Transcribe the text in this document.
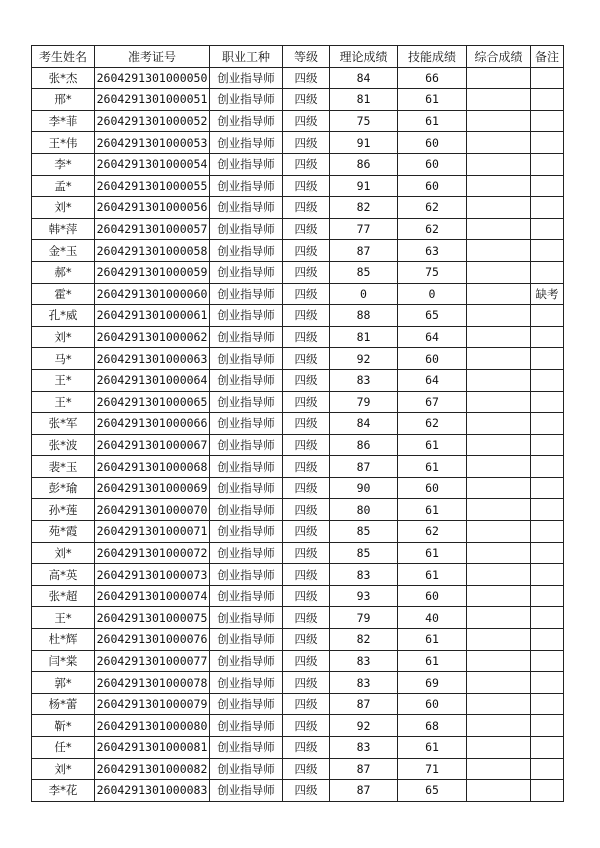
考生姓名	准考证号	职业工种	等级	理论成绩	技能成绩	综合成绩	备注
张*杰	2604291301000050	创业指导师	四级	84	66		
邢*	2604291301000051	创业指导师	四级	81	61		
李*菲	2604291301000052	创业指导师	四级	75	61		
王*伟	2604291301000053	创业指导师	四级	91	60		
李*	2604291301000054	创业指导师	四级	86	60		
孟*	2604291301000055	创业指导师	四级	91	60		
刘*	2604291301000056	创业指导师	四级	82	62		
韩*萍	2604291301000057	创业指导师	四级	77	62		
金*玉	2604291301000058	创业指导师	四级	87	63		
郝*	2604291301000059	创业指导师	四级	85	75		
霍*	2604291301000060	创业指导师	四级	0	0		缺考
孔*威	2604291301000061	创业指导师	四级	88	65		
刘*	2604291301000062	创业指导师	四级	81	64		
马*	2604291301000063	创业指导师	四级	92	60		
王*	2604291301000064	创业指导师	四级	83	64		
王*	2604291301000065	创业指导师	四级	79	67		
张*军	2604291301000066	创业指导师	四级	84	62		
张*波	2604291301000067	创业指导师	四级	86	61		
裴*玉	2604291301000068	创业指导师	四级	87	61		
彭*瑜	2604291301000069	创业指导师	四级	90	60		
孙*莲	2604291301000070	创业指导师	四级	80	61		
苑*霞	2604291301000071	创业指导师	四级	85	62		
刘*	2604291301000072	创业指导师	四级	85	61		
高*英	2604291301000073	创业指导师	四级	83	61		
张*超	2604291301000074	创业指导师	四级	93	60		
王*	2604291301000075	创业指导师	四级	79	40		
杜*辉	2604291301000076	创业指导师	四级	82	61		
闫*棠	2604291301000077	创业指导师	四级	83	61		
郭*	2604291301000078	创业指导师	四级	83	69		
杨*蕾	2604291301000079	创业指导师	四级	87	60		
靳*	2604291301000080	创业指导师	四级	92	68		
任*	2604291301000081	创业指导师	四级	83	61		
刘*	2604291301000082	创业指导师	四级	87	71		
李*花	2604291301000083	创业指导师	四级	87	65		
